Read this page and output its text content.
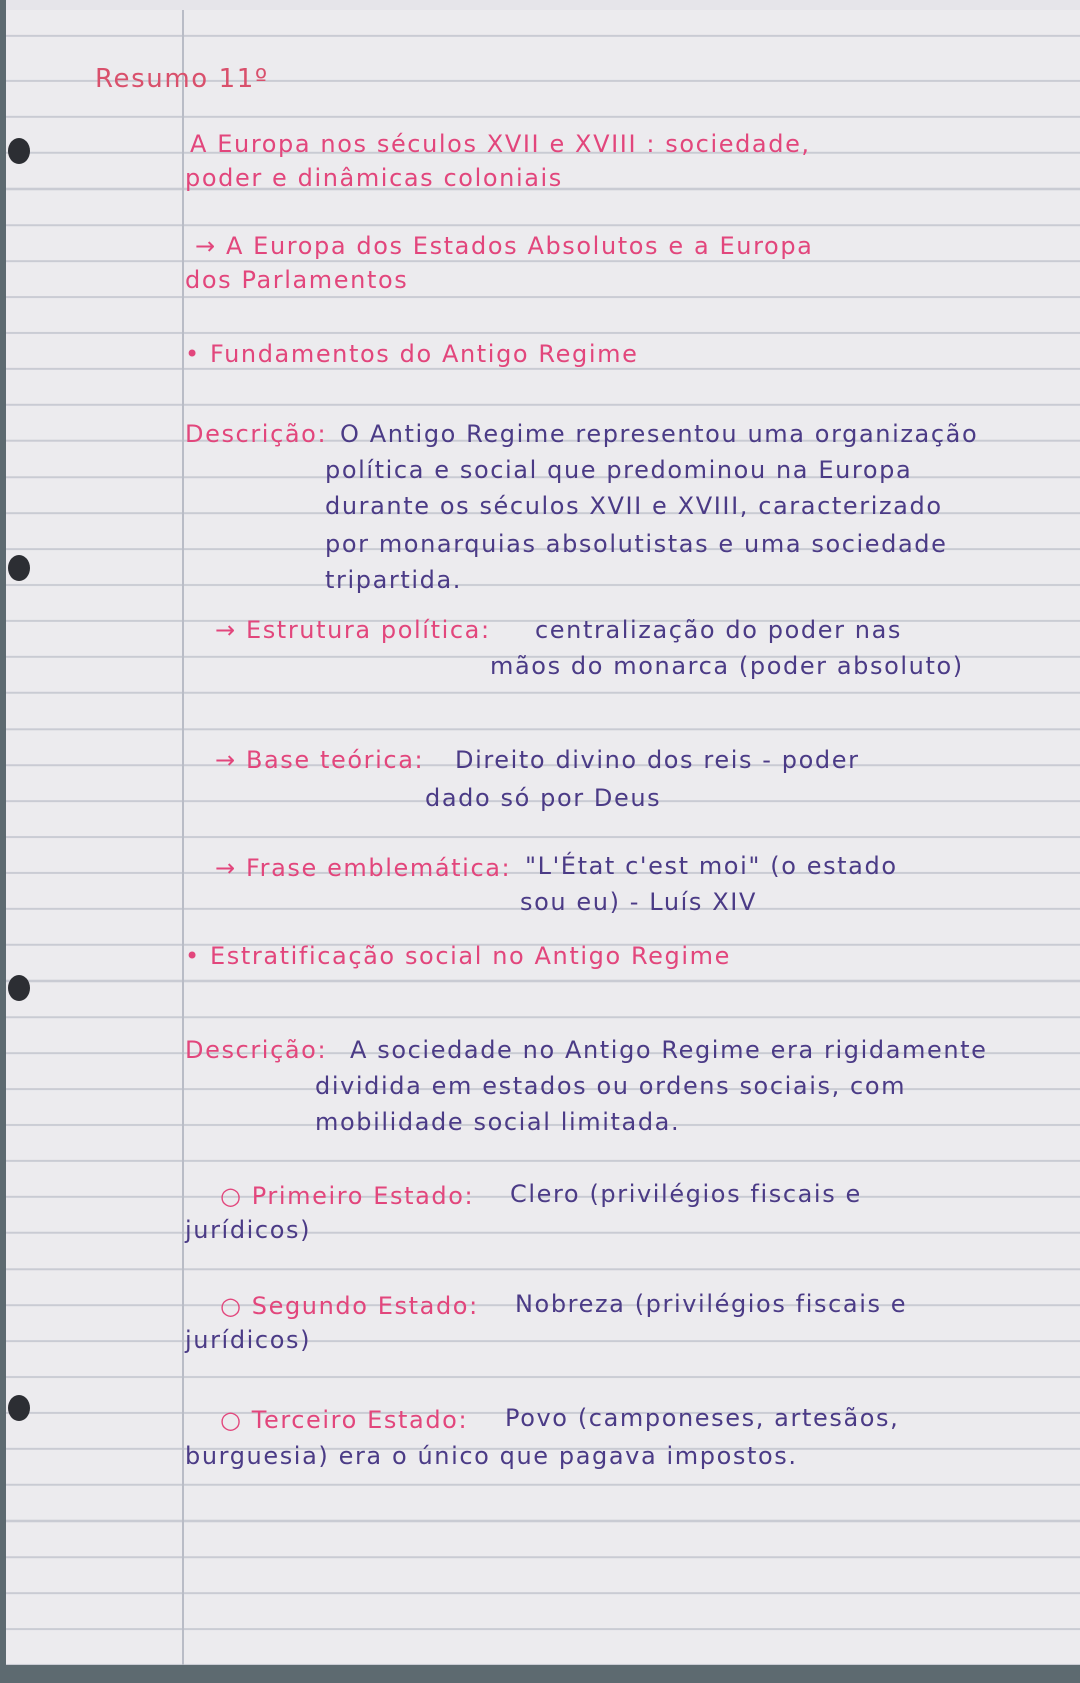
Resumo 11º
A Europa nos séculos XVII e XVIII : sociedade,
poder e dinâmicas coloniais
→ A Europa dos Estados Absolutos e a Europa
dos Parlamentos
• Fundamentos do Antigo Regime
Descrição: O Antigo Regime representou uma organização
política e social que predominou na Europa
durante os séculos XVII e XVIII, caracterizado
por monarquias absolutistas e uma sociedade
tripartida.
→ Estrutura política: centralização do poder nas
mãos do monarca (poder absoluto)
→ Base teórica: Direito divino dos reis - poder
dado só por Deus
→ Frase emblemática: "L'État c'est moi" (o estado
sou eu) - Luís XIV
• Estratificação social no Antigo Regime
Descrição: A sociedade no Antigo Regime era rigidamente
dividida em estados ou ordens sociais, com
mobilidade social limitada.
○ Primeiro Estado: Clero (privilégios fiscais e
jurídicos)
○ Segundo Estado: Nobreza (privilégios fiscais e
jurídicos)
○ Terceiro Estado: Povo (camponeses, artesãos,
burguesia) era o único que pagava impostos.
